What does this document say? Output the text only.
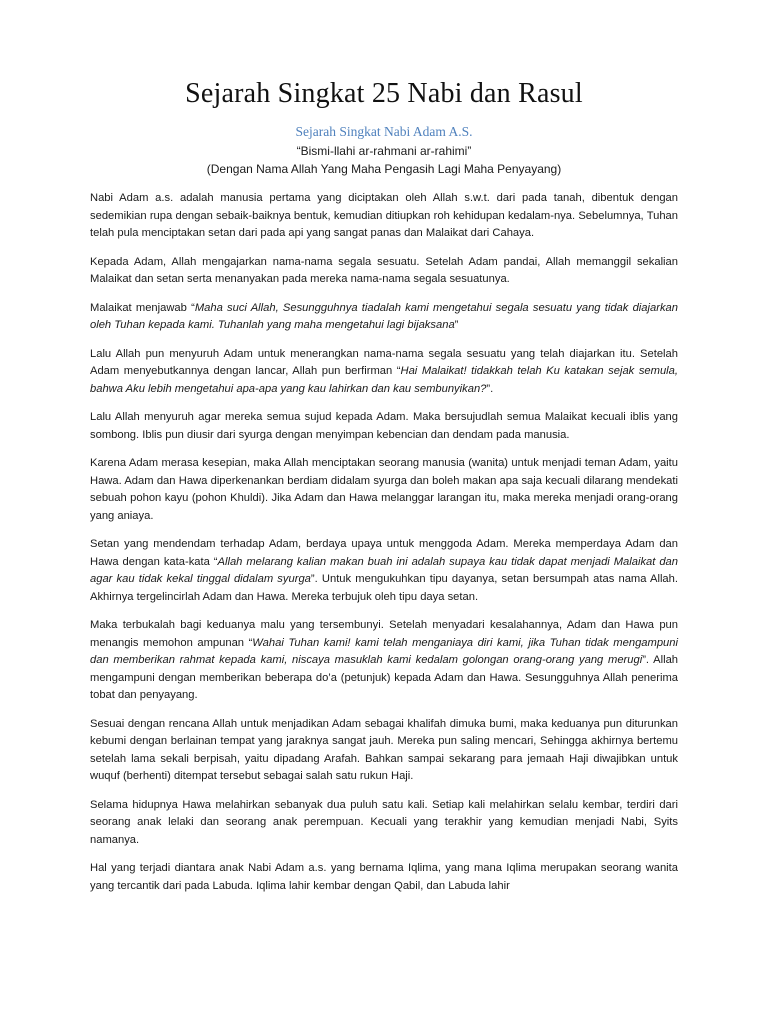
Sejarah Singkat 25 Nabi dan Rasul
Sejarah Singkat Nabi Adam A.S.
“Bismi-llahi ar-rahmani ar-rahimi”
(Dengan Nama Allah Yang Maha Pengasih Lagi Maha Penyayang)

Nabi Adam a.s. adalah manusia pertama yang diciptakan oleh Allah s.w.t. dari pada tanah, dibentuk dengan sedemikian rupa dengan sebaik-baiknya bentuk, kemudian ditiupkan roh kehidupan kedalam-nya. Sebelumnya, Tuhan telah pula menciptakan setan dari pada api yang sangat panas dan Malaikat dari Cahaya.

Kepada Adam, Allah mengajarkan nama-nama segala sesuatu. Setelah Adam pandai, Allah memanggil sekalian Malaikat dan setan serta menanyakan pada mereka nama-nama segala sesuatunya.

Malaikat menjawab “Maha suci Allah, Sesungguhnya tiadalah kami mengetahui segala sesuatu yang tidak diajarkan oleh Tuhan kepada kami. Tuhanlah yang maha mengetahui lagi bijaksana”

Lalu Allah pun menyuruh Adam untuk menerangkan nama-nama segala sesuatu yang telah diajarkan itu. Setelah Adam menyebutkannya dengan lancar, Allah pun berfirman “Hai Malaikat! tidakkah telah Ku katakan sejak semula, bahwa Aku lebih mengetahui apa-apa yang kau lahirkan dan kau sembunyikan?”.

Lalu Allah menyuruh agar mereka semua sujud kepada Adam. Maka bersujudlah semua Malaikat kecuali iblis yang sombong. Iblis pun diusir dari syurga dengan menyimpan kebencian dan dendam pada manusia.

Karena Adam merasa kesepian, maka Allah menciptakan seorang manusia (wanita) untuk menjadi teman Adam, yaitu Hawa. Adam dan Hawa diperkenankan berdiam didalam syurga dan boleh makan apa saja kecuali dilarang mendekati sebuah pohon kayu (pohon Khuldi). Jika Adam dan Hawa melanggar larangan itu, maka mereka menjadi orang-orang yang aniaya.

Setan yang mendendam terhadap Adam, berdaya upaya untuk menggoda Adam. Mereka memperdaya Adam dan Hawa dengan kata-kata “Allah melarang kalian makan buah ini adalah supaya kau tidak dapat menjadi Malaikat dan agar kau tidak kekal tinggal didalam syurga”. Untuk mengukuhkan tipu dayanya, setan bersumpah atas nama Allah. Akhirnya tergelincirlah Adam dan Hawa. Mereka terbujuk oleh tipu daya setan.

Maka terbukalah bagi keduanya malu yang tersembunyi. Setelah menyadari kesalahannya, Adam dan Hawa pun menangis memohon ampunan “Wahai Tuhan kami! kami telah menganiaya diri kami, jika Tuhan tidak mengampuni dan memberikan rahmat kepada kami, niscaya masuklah kami kedalam golongan orang-orang yang merugi”. Allah mengampuni dengan memberikan beberapa do’a (petunjuk) kepada Adam dan Hawa. Sesungguhnya Allah penerima tobat dan penyayang.

Sesuai dengan rencana Allah untuk menjadikan Adam sebagai khalifah dimuka bumi, maka keduanya pun diturunkan kebumi dengan berlainan tempat yang jaraknya sangat jauh. Mereka pun saling mencari, Sehingga akhirnya bertemu setelah lama sekali berpisah, yaitu dipadang Arafah. Bahkan sampai sekarang para jemaah Haji diwajibkan untuk wuquf (berhenti) ditempat tersebut sebagai salah satu rukun Haji.

Selama hidupnya Hawa melahirkan sebanyak dua puluh satu kali. Setiap kali melahirkan selalu kembar, terdiri dari seorang anak lelaki dan seorang anak perempuan. Kecuali yang terakhir yang kemudian menjadi Nabi, Syits namanya.

Hal yang terjadi diantara anak Nabi Adam a.s. yang bernama Iqlima, yang mana Iqlima merupakan seorang wanita yang tercantik dari pada Labuda. Iqlima lahir kembar dengan Qabil, dan Labuda lahir
